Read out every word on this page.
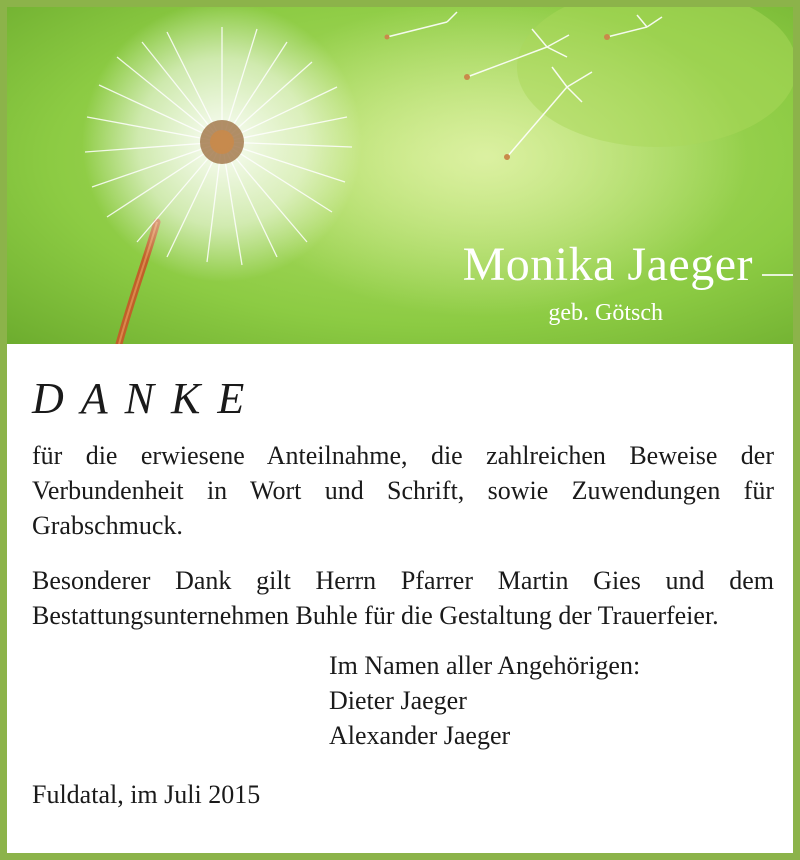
Monika Jaeger
geb. Götsch
DANKE

für die erwiesene Anteilnahme, die zahlreichen Beweise der Verbundenheit in Wort und Schrift, sowie Zuwendungen für Grabschmuck.

Besonderer Dank gilt Herrn Pfarrer Martin Gies und dem Bestattungsunternehmen Buhle für die Gestaltung der Trauerfeier.

Im Namen aller Angehörigen:
Dieter Jaeger
Alexander Jaeger
Fuldatal, im Juli 2015
